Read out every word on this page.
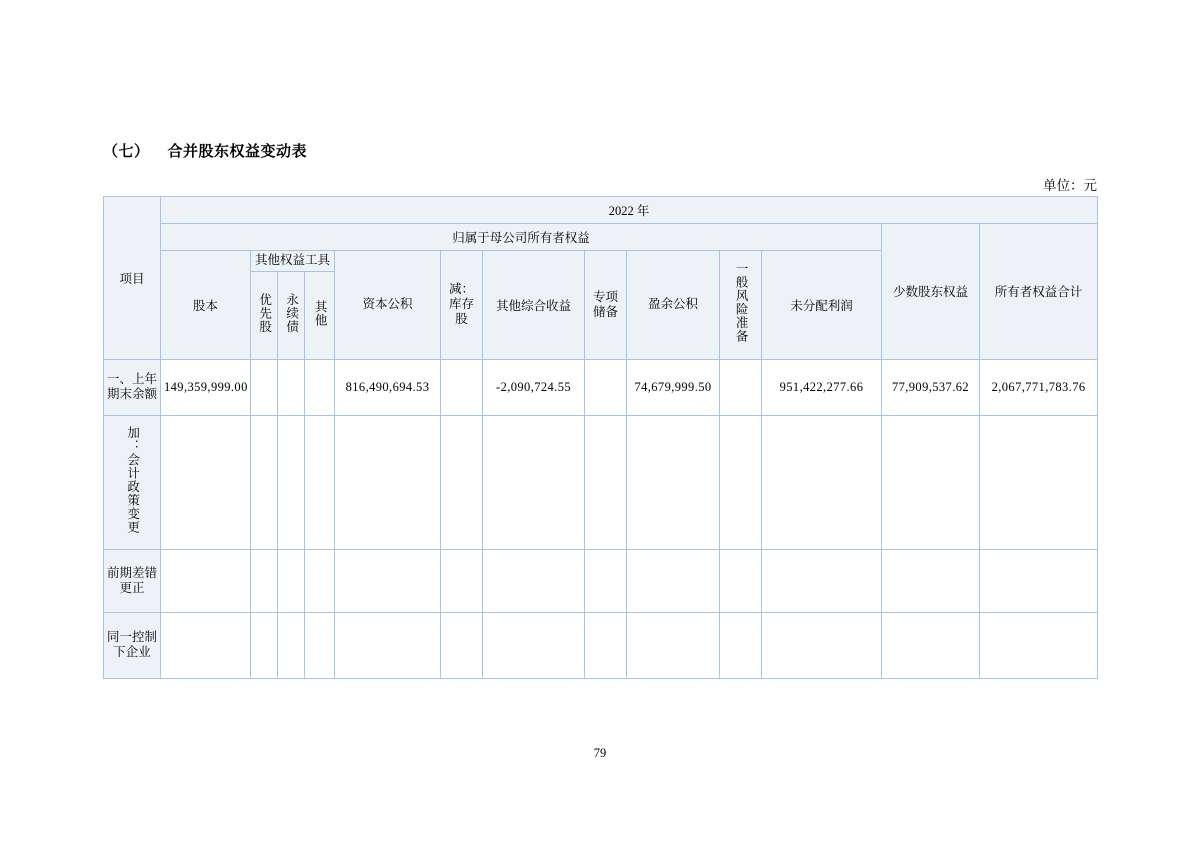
（七） 合并股东权益变动表
单位：元
项目	2022 年												
	归属于母公司所有者权益											少数股东权益	所有者权益合计
	股本	其他权益工具			资本公积	减：库存股	其他综合收益	专项储备	盈余公积	一般风险准备	未分配利润		
		优先股	永续债	其他									
一、上年期末余额	149,359,999.00				816,490,694.53		-2,090,724.55		74,679,999.50		951,422,277.66	77,909,537.62	2,067,771,783.76
加：会计政策变更													

前期差错更正													

同一控制下企业													

79
